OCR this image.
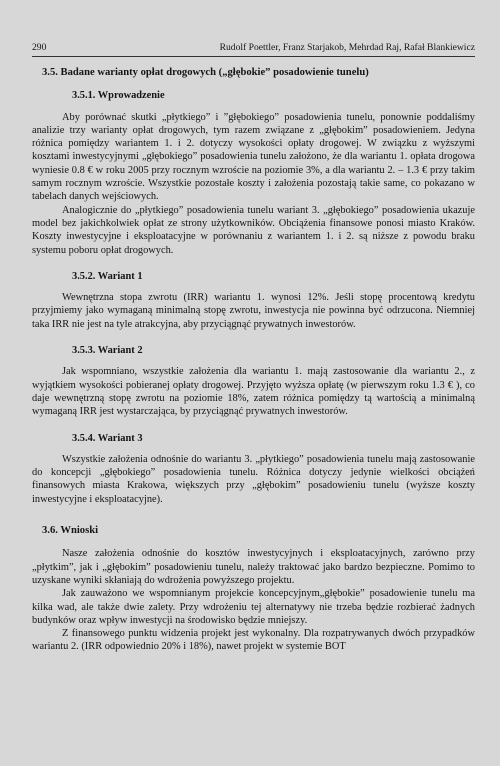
290	Rudolf Poettler, Franz Starjakob, Mehrdad Raj, Rafał Blankiewicz
3.5. Badane warianty opłat drogowych („głębokie” posadowienie tunelu)
3.5.1. Wprowadzenie

Aby porównać skutki „płytkiego” i ”głębokiego” posadowienia tunelu, ponownie poddaliśmy analizie trzy warianty opłat drogowych, tym razem związane z „głębokim” posadowieniem. Jedyna różnica pomiędzy wariantem 1. i 2. dotyczy wysokości opłaty drogowej. W związku z wyższymi kosztami inwestycyjnymi „głębokiego” posadowienia tunelu założono, że dla wariantu 1. opłata drogowa wyniesie 0.8 € w roku 2005 przy rocznym wzroście na poziomie 3%, a dla wariantu 2. – 1.3 € przy takim samym rocznym wzroście. Wszystkie pozostałe koszty i założenia pozostają takie same, co pokazano w tabelach danych wejściowych.

Analogicznie do „płytkiego” posadowienia tunelu wariant 3. „głębokiego” posadowienia ukazuje model bez jakichkolwiek opłat ze strony użytkowników. Obciążenia finansowe ponosi miasto Kraków. Koszty inwestycyjne i eksploatacyjne w porównaniu z wariantem 1. i 2. są niższe z powodu braku systemu poboru opłat drogowych.

3.5.2. Wariant 1

Wewnętrzna stopa zwrotu (IRR) wariantu 1. wynosi 12%. Jeśli stopę procentową kredytu przyjmiemy jako wymaganą minimalną stopę zwrotu, inwestycja nie powinna być odrzucona. Niemniej taka IRR nie jest na tyle atrakcyjna, aby przyciągnąć prywatnych inwestorów.

3.5.3. Wariant 2

Jak wspomniano, wszystkie założenia dla wariantu 1. mają zastosowanie dla wariantu 2., z wyjątkiem wysokości pobieranej opłaty drogowej. Przyjęto wyższa opłatę (w pierwszym roku 1.3 € ), co daje wewnętrzną stopę zwrotu na poziomie 18%, zatem różnica pomiędzy tą wartością a minimalną wymaganą IRR jest wystarczająca, by przyciągnąć prywatnych inwestorów.

3.5.4. Wariant 3

Wszystkie założenia odnośnie do wariantu 3. „płytkiego” posadowienia tunelu mają zastosowanie do koncepcji „głębokiego” posadowienia tunelu. Różnica dotyczy jedynie wielkości obciążeń finansowych miasta Krakowa, większych przy „głębokim” posadowieniu tunelu (wyższe koszty inwestycyjne i eksploatacyjne).

3.6. Wnioski

Nasze założenia odnośnie do kosztów inwestycyjnych i eksploatacyjnych, zarówno przy „płytkim”, jak i „głębokim” posadowieniu tunelu, należy traktować jako bardzo bezpieczne. Pomimo to uzyskane wyniki skłaniają do wdrożenia powyższego projektu.

Jak zauważono we wspomnianym projekcie koncepcyjnym„głębokie” posadowienie tunelu ma kilka wad, ale także dwie zalety. Przy wdrożeniu tej alternatywy nie trzeba będzie rozbierać żadnych budynków oraz wpływ inwestycji na środowisko będzie mniejszy.

Z finansowego punktu widzenia projekt jest wykonalny. Dla rozpatrywanych dwóch przypadków wariantu 2. (IRR odpowiednio 20% i 18%), nawet projekt w systemie BOT
